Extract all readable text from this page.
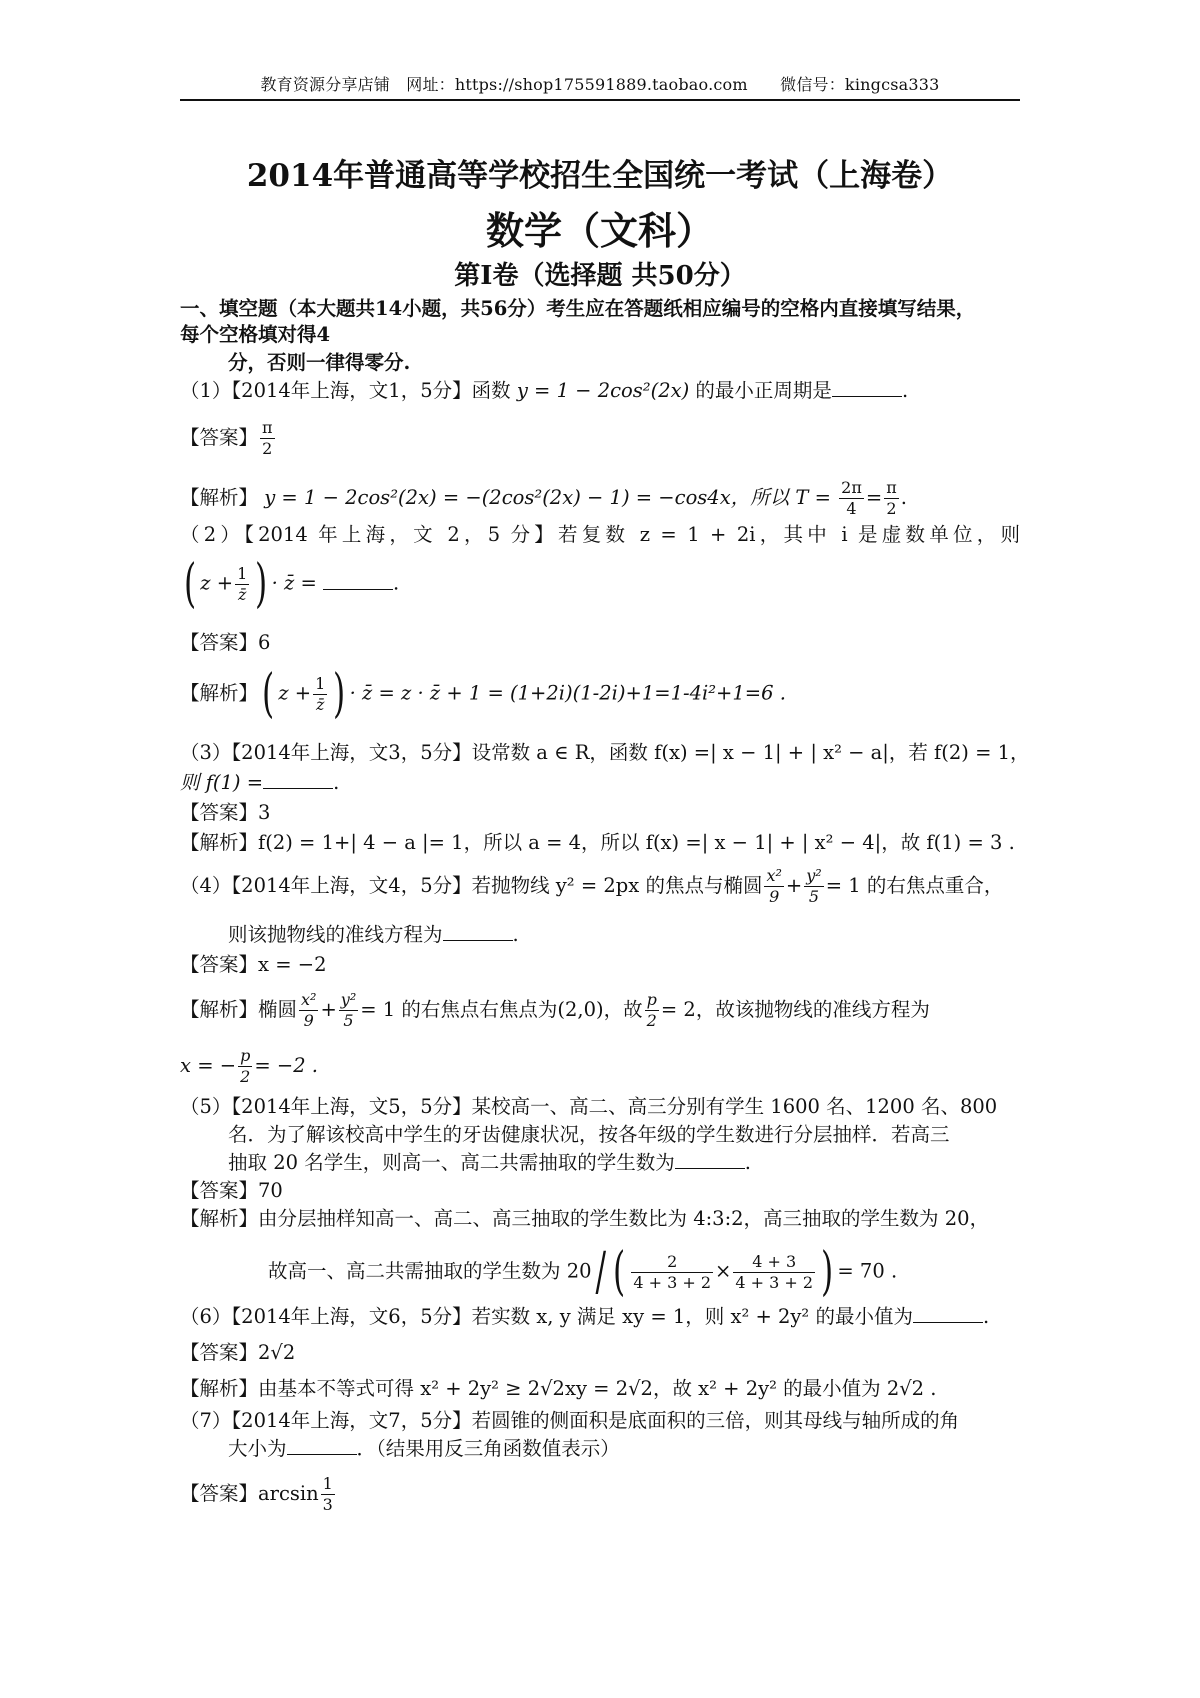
教育资源分享店铺　网址：https://shop175591889.taobao.com　　微信号：kingcsa333
2014年普通高等学校招生全国统一考试（上海卷）
数学（文科）
第Ⅰ卷（选择题 共50分）
一、填空题（本大题共14小题，共56分）考生应在答题纸相应编号的空格内直接填写结果，
每个空格填对得4
分，否则一律得零分.
（1）【2014年上海，文1，5分】函数 y = 1 − 2cos²(2x) 的最小正周期是	.
【答案】 $\frac{\pi}{2}$
【解析】 y = 1 − 2cos²(2x) = −(2cos²(2x) − 1) = −cos4x，所以 $T = \frac{2\pi}{4} = \frac{\pi}{2}$ .
（2）【2014 年上海，文 2，5 分】若复数 z = 1 + 2i，其中 i 是虚数单位，则
( $z + \frac{1}{z̄}$ ) · z̄ =	.
【答案】6
【解析】( $z + \frac{1}{z̄}$ ) · z̄ = z · z̄ + 1 = (1+2i)(1-2i)+1=1-4i²+1=6 .
（3）【2014年上海，文3，5分】设常数 a ∈ R，函数 f(x) =| x − 1| + | x² − a|，若 f(2) = 1，
则 f(1) =	.
【答案】3
【解析】f(2) = 1+| 4 − a |= 1，所以 a = 4，所以 f(x) =| x − 1| + | x² − 4|，故 f(1) = 3 .
（4）【2014年上海，文4，5分】若抛物线 y² = 2px 的焦点与椭圆 $\frac{\text{x²}}{9} + \frac{\text{y²}}{5} = 1$ 的右焦点重合，
则该抛物线的准线方程为	.
【答案】x = −2
【解析】椭圆 $\frac{\text{x²}}{9} + \frac{\text{y²}}{5} = 1$ 的右焦点右焦点为(2,0)，故 $\frac{p}{2} = 2$，故该抛物线的准线方程为
x = − $\frac{p}{2} = -2$ .
（5）【2014年上海，文5，5分】某校高一、高二、高三分别有学生 1600 名、1200 名、800
名．为了解该校高中学生的牙齿健康状况，按各年级的学生数进行分层抽样．若高三
抽取 20 名学生，则高一、高二共需抽取的学生数为	.
【答案】70
【解析】由分层抽样知高一、高二、高三抽取的学生数比为 4:3:2，高三抽取的学生数为 20，
故高一、高二共需抽取的学生数为 20/ ( $\frac{2}{4 + 3 + 2} \times \frac{4 + 3}{4 + 3 + 2}$ ) = 70 .
（6）【2014年上海，文6，5分】若实数 x, y 满足 xy = 1，则 x² + 2y² 的最小值为	.
【答案】2√2
【解析】由基本不等式可得 x² + 2y² ≥ 2√2xy = 2√2，故 x² + 2y² 的最小值为 2√2 .
（7）【2014年上海，文7，5分】若圆锥的侧面积是底面积的三倍，则其母线与轴所成的角
大小为	．（结果用反三角函数值表示）
【答案】$\arcsin \frac{1}{3}$
